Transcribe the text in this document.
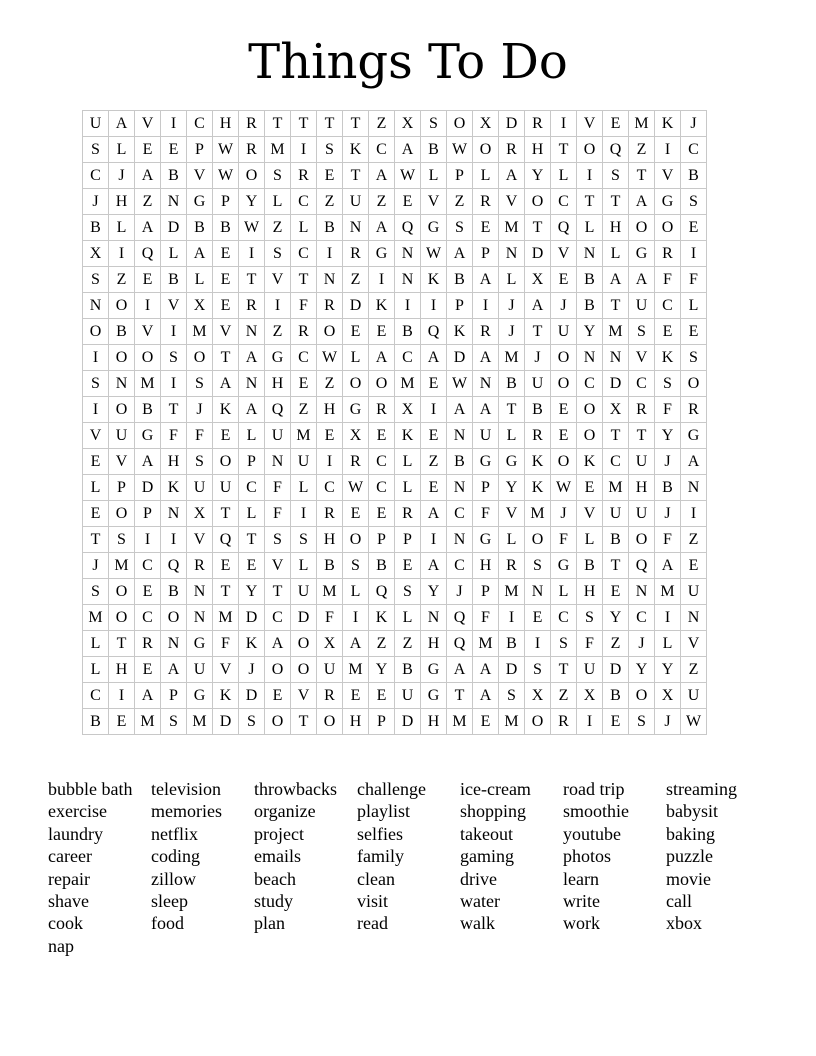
Things To Do
U	A	V	I	C	H	R	T	T	T	T	Z	X	S	O	X	D	R	I	V	E	M	K	J
S	L	E	E	P	W	R	M	I	S	K	C	A	B	W	O	R	H	T	O	Q	Z	I	C
C	J	A	B	V	W	O	S	R	E	T	A	W	L	P	L	A	Y	L	I	S	T	V	B
J	H	Z	N	G	P	Y	L	C	Z	U	Z	E	V	Z	R	V	O	C	T	T	A	G	S
B	L	A	D	B	B	W	Z	L	B	N	A	Q	G	S	E	M	T	Q	L	H	O	O	E
X	I	Q	L	A	E	I	S	C	I	R	G	N	W	A	P	N	D	V	N	L	G	R	I
S	Z	E	B	L	E	T	V	T	N	Z	I	N	K	B	A	L	X	E	B	A	A	F	F
N	O	I	V	X	E	R	I	F	R	D	K	I	I	P	I	J	A	J	B	T	U	C	L
O	B	V	I	M	V	N	Z	R	O	E	E	B	Q	K	R	J	T	U	Y	M	S	E	E
I	O	O	S	O	T	A	G	C	W	L	A	C	A	D	A	M	J	O	N	N	V	K	S
S	N	M	I	S	A	N	H	E	Z	O	O	M	E	W	N	B	U	O	C	D	C	S	O
I	O	B	T	J	K	A	Q	Z	H	G	R	X	I	A	A	T	B	E	O	X	R	F	R
V	U	G	F	F	E	L	U	M	E	X	E	K	E	N	U	L	R	E	O	T	T	Y	G
E	V	A	H	S	O	P	N	U	I	R	C	L	Z	B	G	G	K	O	K	C	U	J	A
L	P	D	K	U	U	C	F	L	C	W	C	L	E	N	P	Y	K	W	E	M	H	B	N
E	O	P	N	X	T	L	F	I	R	E	E	R	A	C	F	V	M	J	V	U	U	J	I
T	S	I	I	V	Q	T	S	S	H	O	P	P	I	N	G	L	O	F	L	B	O	F	Z
J	M	C	Q	R	E	E	V	L	B	S	B	E	A	C	H	R	S	G	B	T	Q	A	E
S	O	E	B	N	T	Y	T	U	M	L	Q	S	Y	J	P	M	N	L	H	E	N	M	U
M	O	C	O	N	M	D	C	D	F	I	K	L	N	Q	F	I	E	C	S	Y	C	I	N
L	T	R	N	G	F	K	A	O	X	A	Z	Z	H	Q	M	B	I	S	F	Z	J	L	V
L	H	E	A	U	V	J	O	O	U	M	Y	B	G	A	A	D	S	T	U	D	Y	Y	Z
C	I	A	P	G	K	D	E	V	R	E	E	U	G	T	A	S	X	Z	X	B	O	X	U
B	E	M	S	M	D	S	O	T	O	H	P	D	H	M	E	M	O	R	I	E	S	J	W
bubble bath
exercise
laundry
career
repair
shave
cook
nap
television
memories
netflix
coding
zillow
sleep
food
throwbacks
organize
project
emails
beach
study
plan
challenge
playlist
selfies
family
clean
visit
read
ice-cream
shopping
takeout
gaming
drive
water
walk
road trip
smoothie
youtube
photos
learn
write
work
streaming
babysit
baking
puzzle
movie
call
xbox
